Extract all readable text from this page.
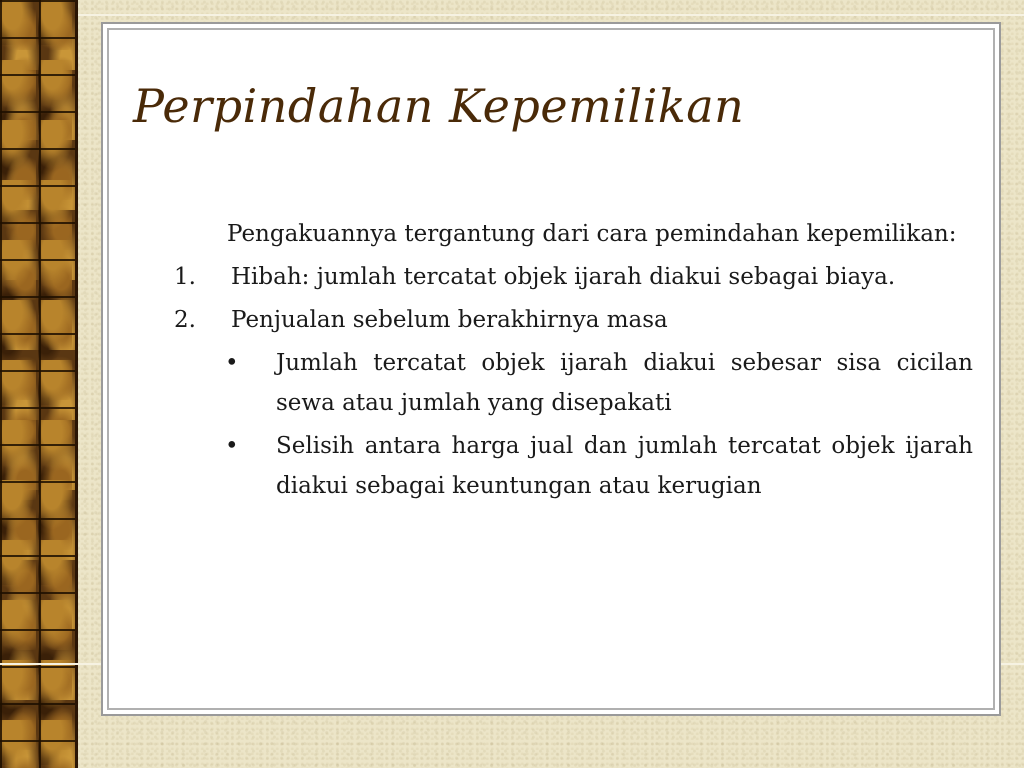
Perpindahan Kepemilikan

Pengakuannya tergantung dari cara pemindahan kepemilikan:

1. Hibah: jumlah tercatat objek ijarah diakui sebagai biaya.
2. Penjualan sebelum berakhirnya masa
• Jumlah tercatat objek ijarah diakui sebesar sisa cicilan sewa atau jumlah yang disepakati
• Selisih antara harga jual dan jumlah tercatat objek ijarah diakui sebagai keuntungan atau kerugian
